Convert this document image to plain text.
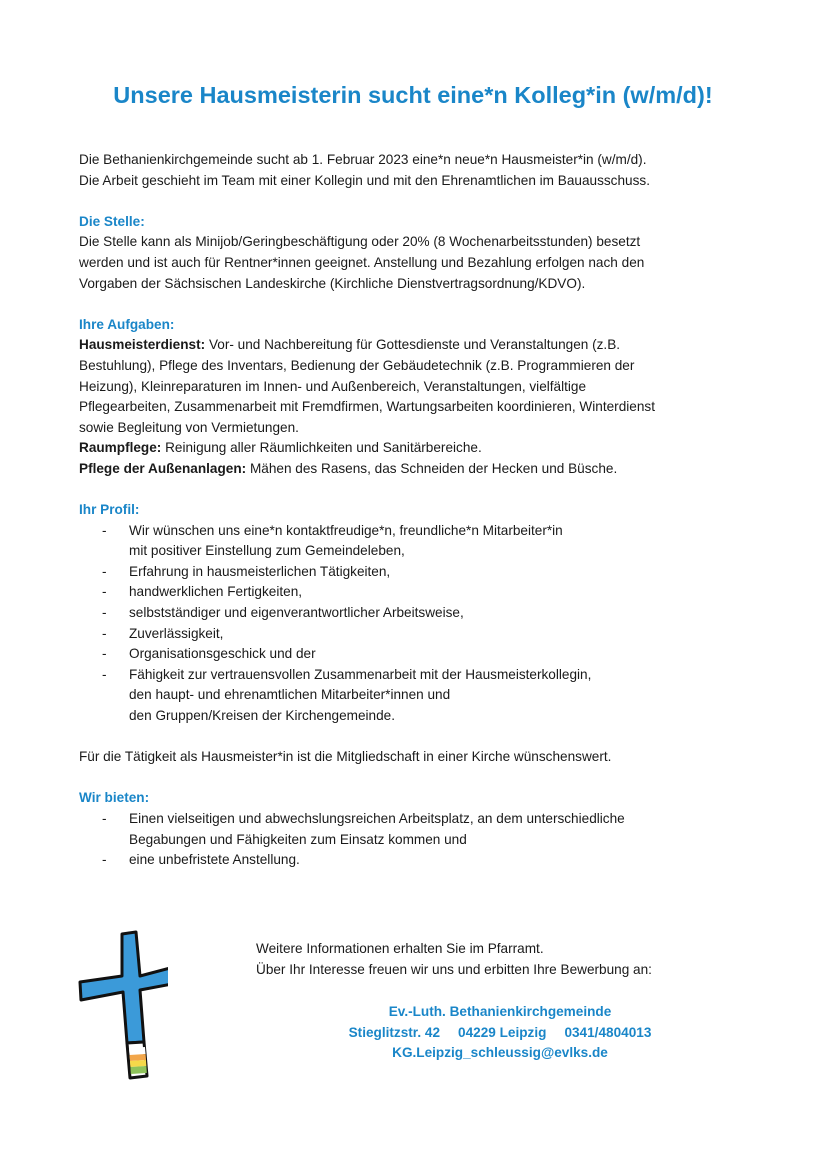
Unsere Hausmeisterin sucht eine*n Kolleg*in (w/m/d)!

Die Bethanienkirchgemeinde sucht ab 1. Februar 2023 eine*n neue*n Hausmeister*in (w/m/d).

Die Arbeit geschieht im Team mit einer Kollegin und mit den Ehrenamtlichen im Bauausschuss.

Die Stelle:

Die Stelle kann als Minijob/Geringbeschäftigung oder 20% (8 Wochenarbeitsstunden) besetzt

werden und ist auch für Rentner*innen geeignet. Anstellung und Bezahlung erfolgen nach den

Vorgaben der Sächsischen Landeskirche (Kirchliche Dienstvertragsordnung/KDVO).

Ihre Aufgaben:

Hausmeisterdienst: Vor- und Nachbereitung für Gottesdienste und Veranstaltungen (z.B.

Bestuhlung), Pflege des Inventars, Bedienung der Gebäudetechnik (z.B. Programmieren der

Heizung), Kleinreparaturen im Innen- und Außenbereich, Veranstaltungen, vielfältige

Pflegearbeiten, Zusammenarbeit mit Fremdfirmen, Wartungsarbeiten koordinieren, Winterdienst

sowie Begleitung von Vermietungen.

Raumpflege: Reinigung aller Räumlichkeiten und Sanitärbereiche.

Pflege der Außenanlagen: Mähen des Rasens, das Schneiden der Hecken und Büsche.

Ihr Profil:

- Wir wünschen uns eine*n kontaktfreudige*n, freundliche*n Mitarbeiter*in
mit positiver Einstellung zum Gemeindeleben,
- Erfahrung in hausmeisterlichen Tätigkeiten,
- handwerklichen Fertigkeiten,
- selbstständiger und eigenverantwortlicher Arbeitsweise,
- Zuverlässigkeit,
- Organisationsgeschick und der
- Fähigkeit zur vertrauensvollen Zusammenarbeit mit der Hausmeisterkollegin,
den haupt- und ehrenamtlichen Mitarbeiter*innen und
den Gruppen/Kreisen der Kirchengemeinde.

Für die Tätigkeit als Hausmeister*in ist die Mitgliedschaft in einer Kirche wünschenswert.

Wir bieten:

- Einen vielseitigen und abwechslungsreichen Arbeitsplatz, an dem unterschiedliche
Begabungen und Fähigkeiten zum Einsatz kommen und
- eine unbefristete Anstellung.

Weitere Informationen erhalten Sie im Pfarramt.

Über Ihr Interesse freuen wir uns und erbitten Ihre Bewerbung an:

Ev.-Luth. Bethanienkirchgemeinde

Stieglitzstr. 42 04229 Leipzig 0341/4804013

KG.Leipzig_schleussig@evlks.de
